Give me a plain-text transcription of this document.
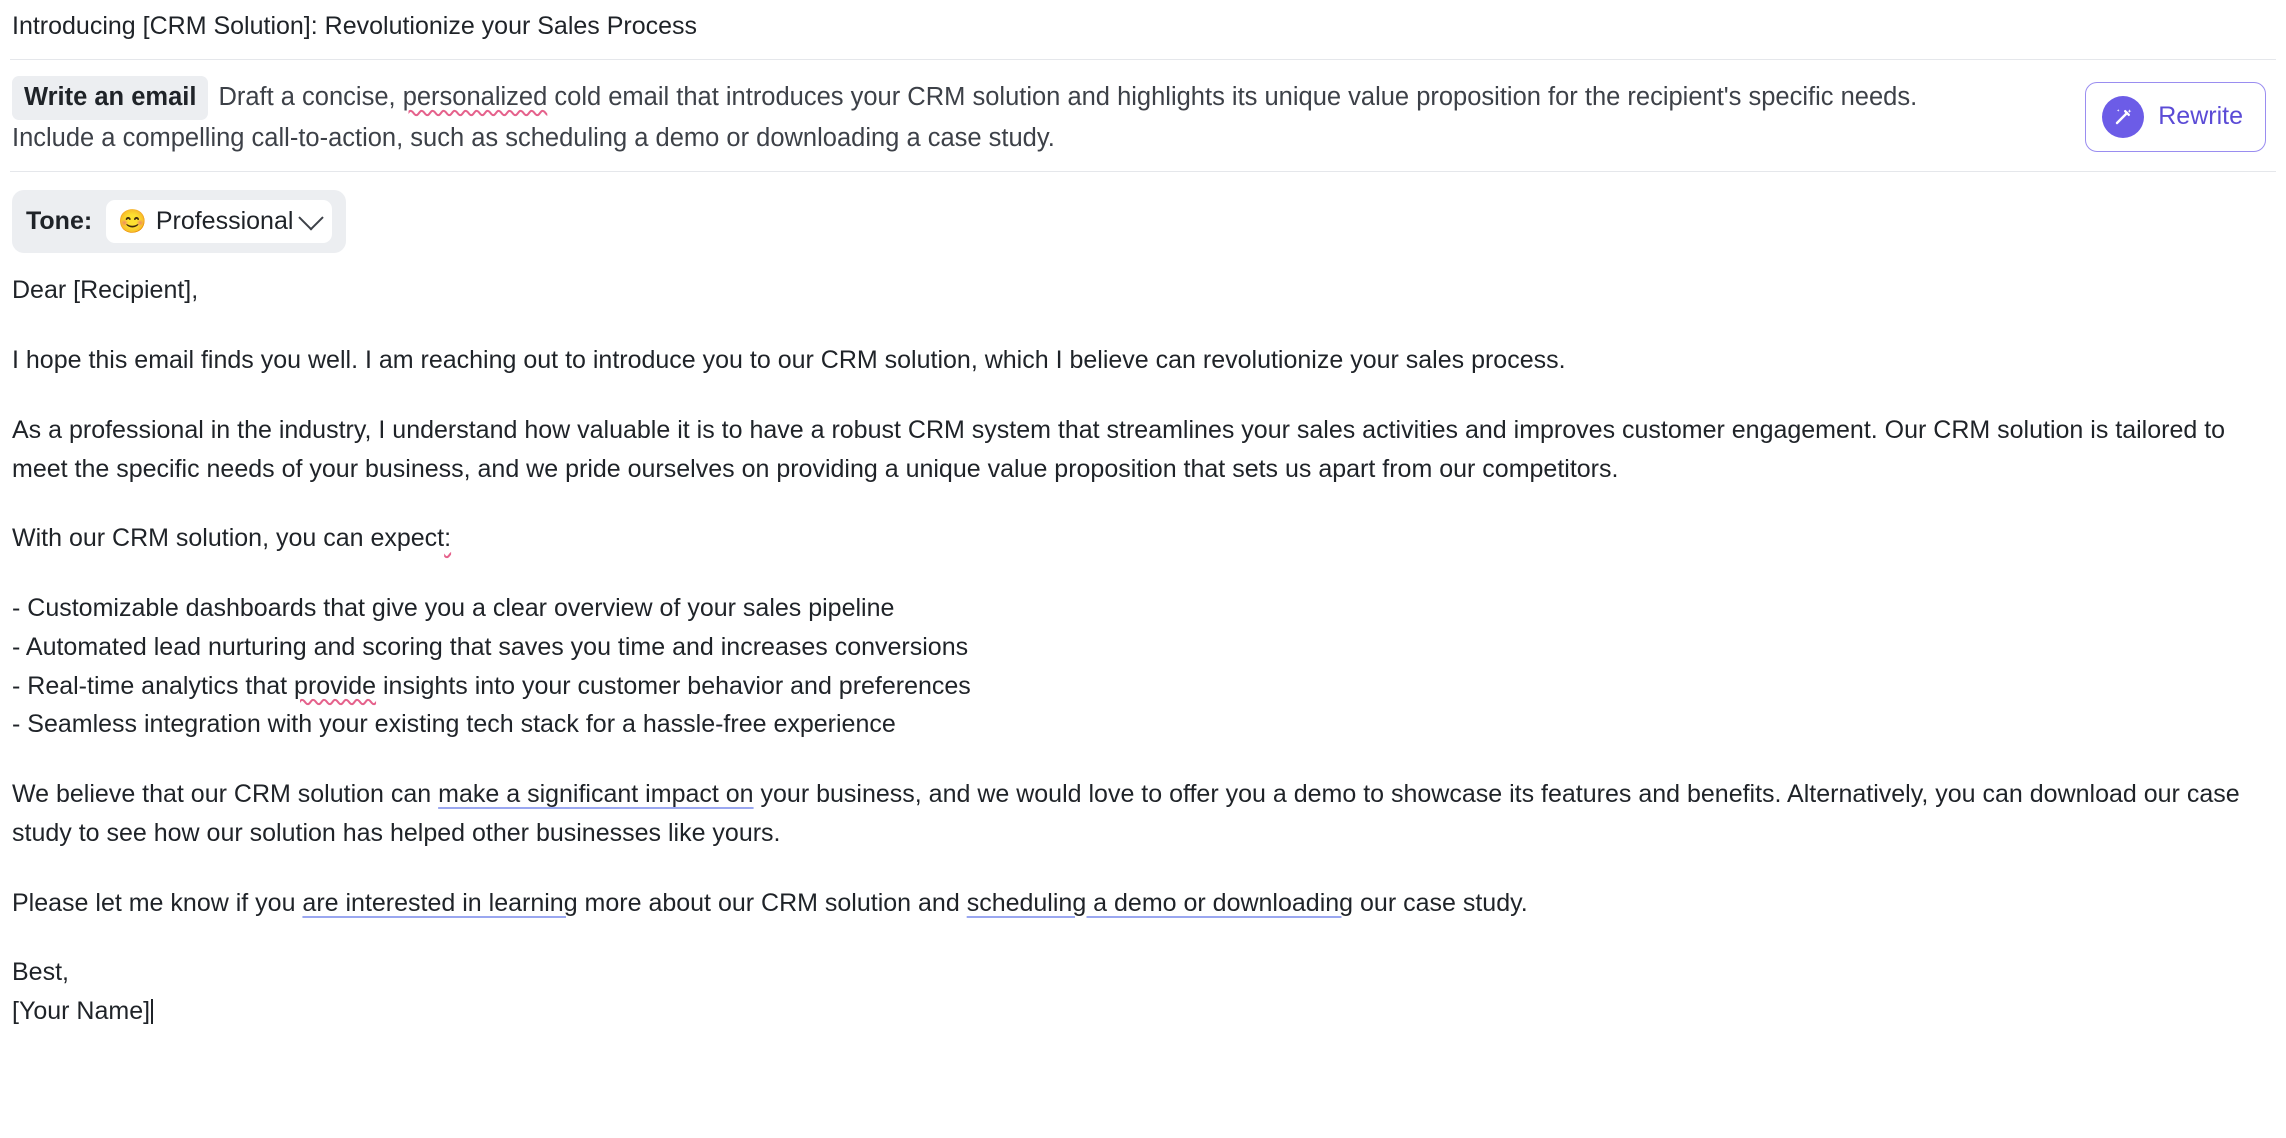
Introducing [CRM Solution]: Revolutionize your Sales Process
Write an email Draft a concise, personalized cold email that introduces your CRM solution and highlights its unique value proposition for the recipient's specific needs. Include a compelling call-to-action, such as scheduling a demo or downloading a case study.
Rewrite
Tone: 😊 Professional

Dear [Recipient],

I hope this email finds you well. I am reaching out to introduce you to our CRM solution, which I believe can revolutionize your sales process.

As a professional in the industry, I understand how valuable it is to have a robust CRM system that streamlines your sales activities and improves customer engagement. Our CRM solution is tailored to meet the specific needs of your business, and we pride ourselves on providing a unique value proposition that sets us apart from our competitors.

With our CRM solution, you can expect:

- Customizable dashboards that give you a clear overview of your sales pipeline

- Automated lead nurturing and scoring that saves you time and increases conversions

- Real-time analytics that provide insights into your customer behavior and preferences

- Seamless integration with your existing tech stack for a hassle-free experience

We believe that our CRM solution can make a significant impact on your business, and we would love to offer you a demo to showcase its features and benefits. Alternatively, you can download our case study to see how our solution has helped other businesses like yours.

Please let me know if you are interested in learning more about our CRM solution and scheduling a demo or downloading our case study.

Best,

[Your Name]
